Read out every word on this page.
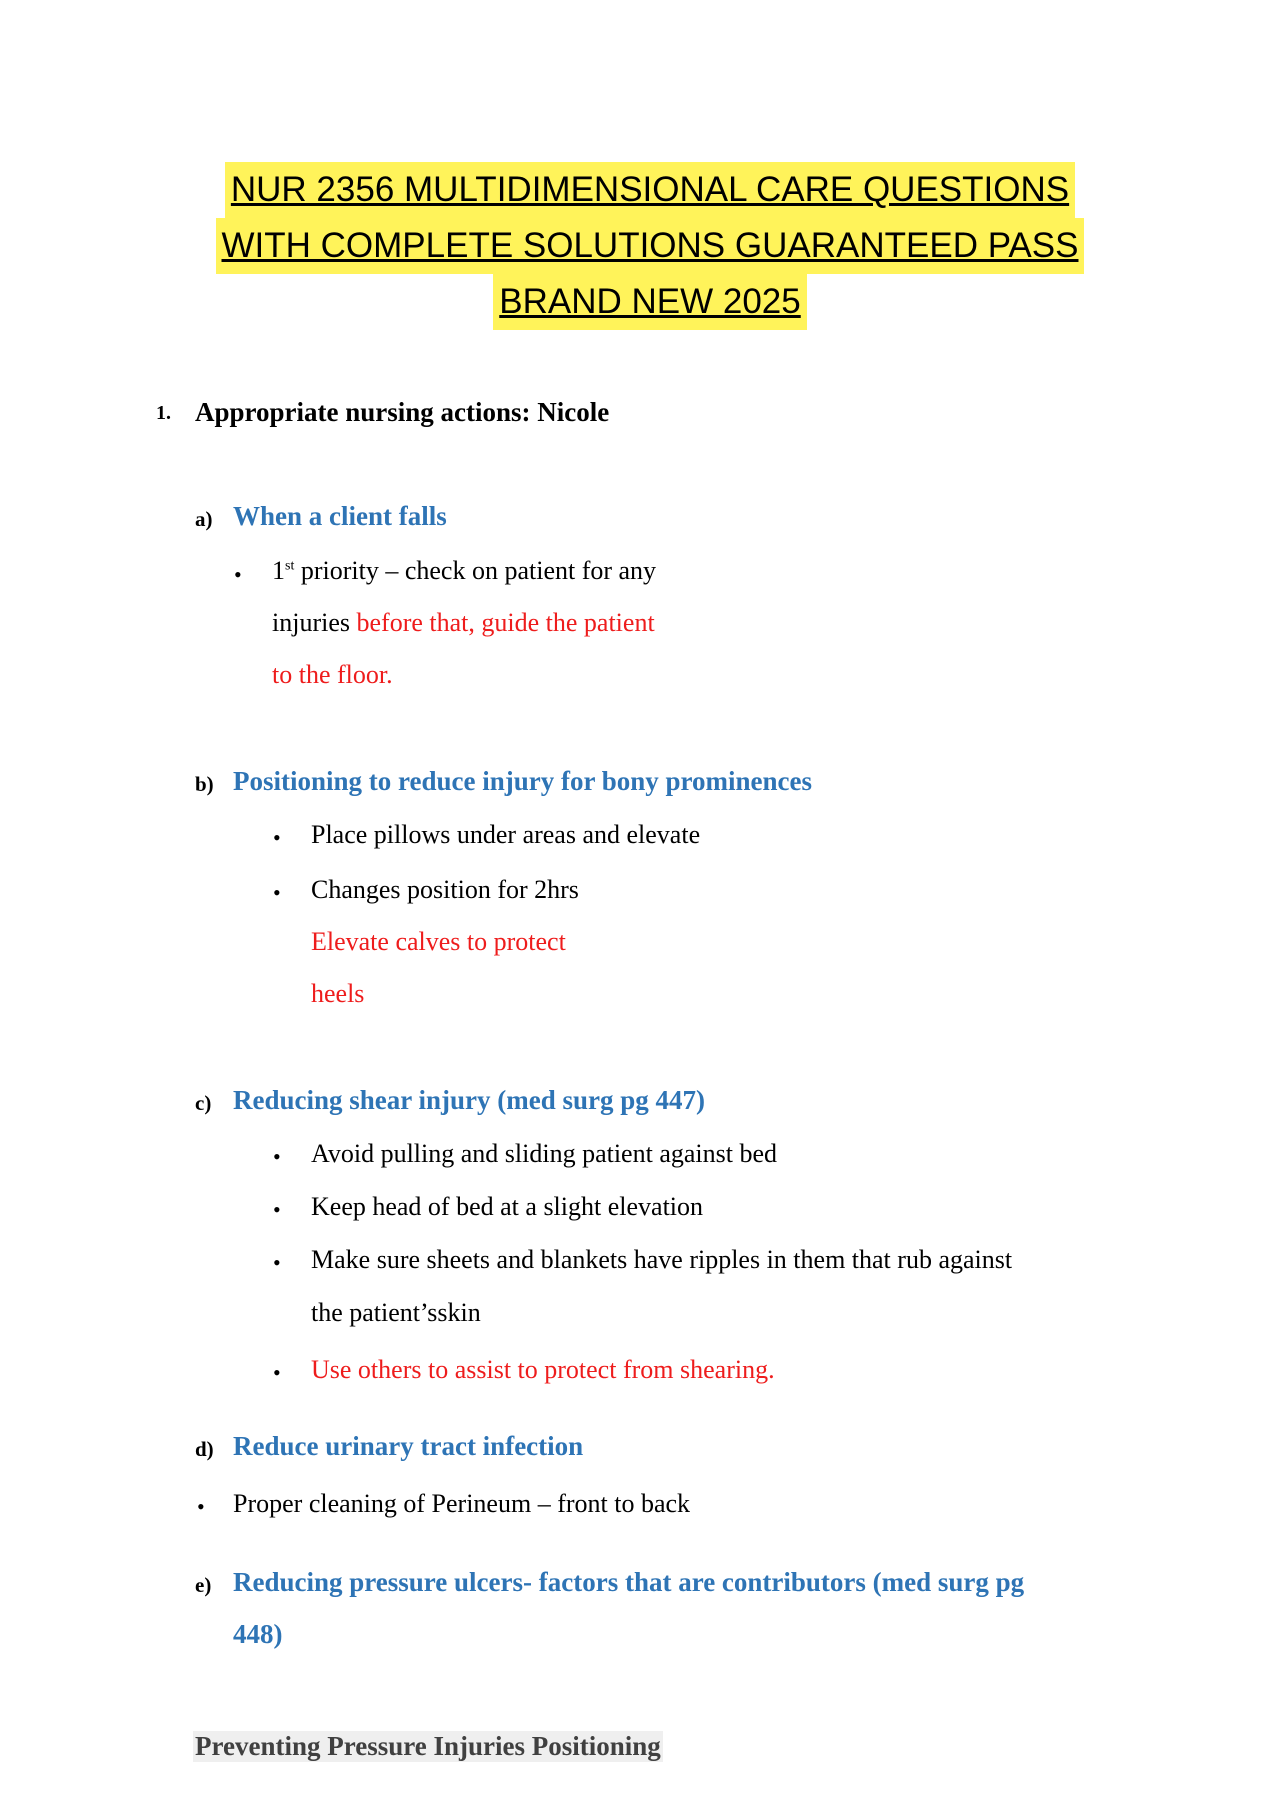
NUR 2356 MULTIDIMENSIONAL CARE QUESTIONS
WITH COMPLETE SOLUTIONS GUARANTEED PASS
BRAND NEW 2025
1. Appropriate nursing actions: Nicole
a) When a client falls
• 1st priority – check on patient for any
injuries before that, guide the patient
to the floor.
b) Positioning to reduce injury for bony prominences
• Place pillows under areas and elevate
• Changes position for 2hrs
Elevate calves to protect
heels
c) Reducing shear injury (med surg pg 447)
• Avoid pulling and sliding patient against bed
• Keep head of bed at a slight elevation
• Make sure sheets and blankets have ripples in them that rub against
the patient’sskin
• Use others to assist to protect from shearing.
d) Reduce urinary tract infection
• Proper cleaning of Perineum – front to back
e) Reducing pressure ulcers- factors that are contributors (med surg pg
448)
Preventing Pressure Injuries Positioning
